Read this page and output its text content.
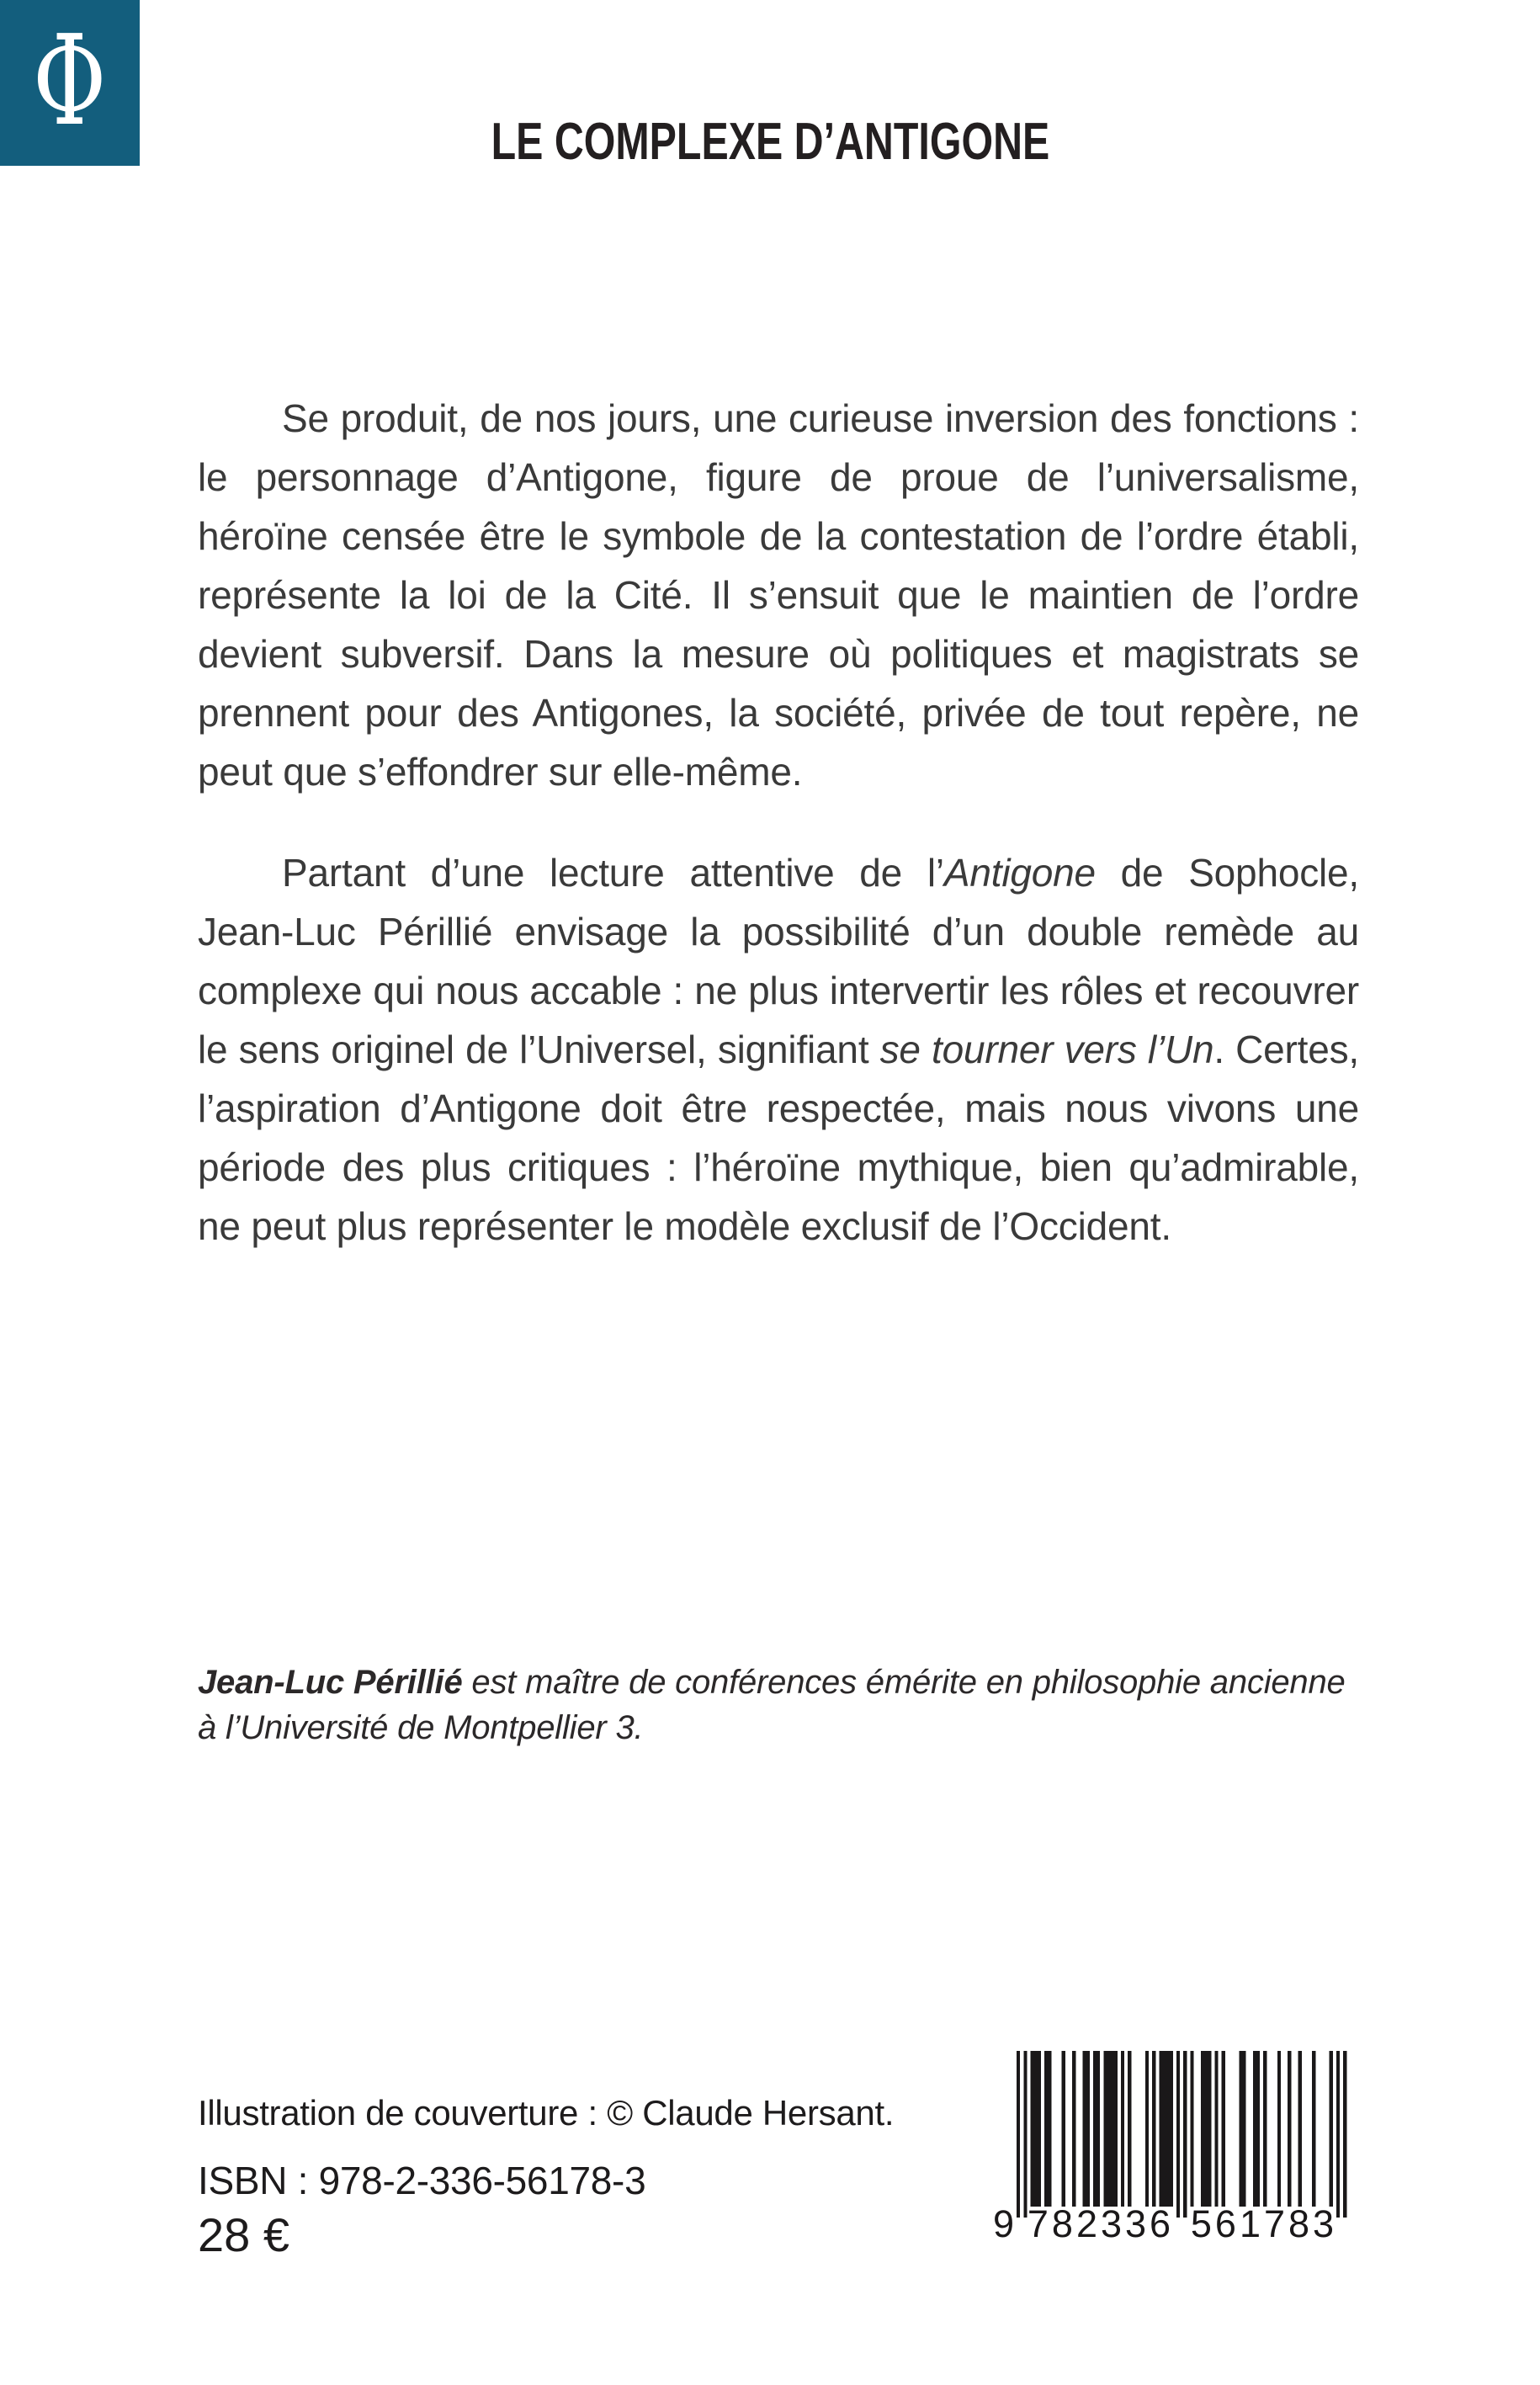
Φ	LE COMPLEXE D’ANTIGONE

Se produit, de nos jours, une curieuse inversion des fonctions : le personnage d’Antigone, figure de proue de l’universalisme, héroïne censée être le symbole de la contestation de l’ordre établi, représente la loi de la Cité. Il s’ensuit que le maintien de l’ordre devient subversif. Dans la mesure où politiques et magistrats se prennent pour des Antigones, la société, privée de tout repère, ne peut que s’effondrer sur elle-même.

Partant d’une lecture attentive de l’Antigone de Sophocle, Jean-Luc Périllié envisage la possibilité d’un double remède au complexe qui nous accable : ne plus intervertir les rôles et recouvrer le sens originel de l’Universel, signifiant se tourner vers l’Un. Certes, l’aspiration d’Antigone doit être respectée, mais nous vivons une période des plus critiques : l’héroïne mythique, bien qu’admirable, ne peut plus représenter le modèle exclusif de l’Occident.

Jean-Luc Périllié est maître de conférences émérite en philosophie ancienne à l’Université de Montpellier 3.
Illustration de couverture : © Claude Hersant.
ISBN : 978-2-336-56178-3
28 €	9 782336 561783
